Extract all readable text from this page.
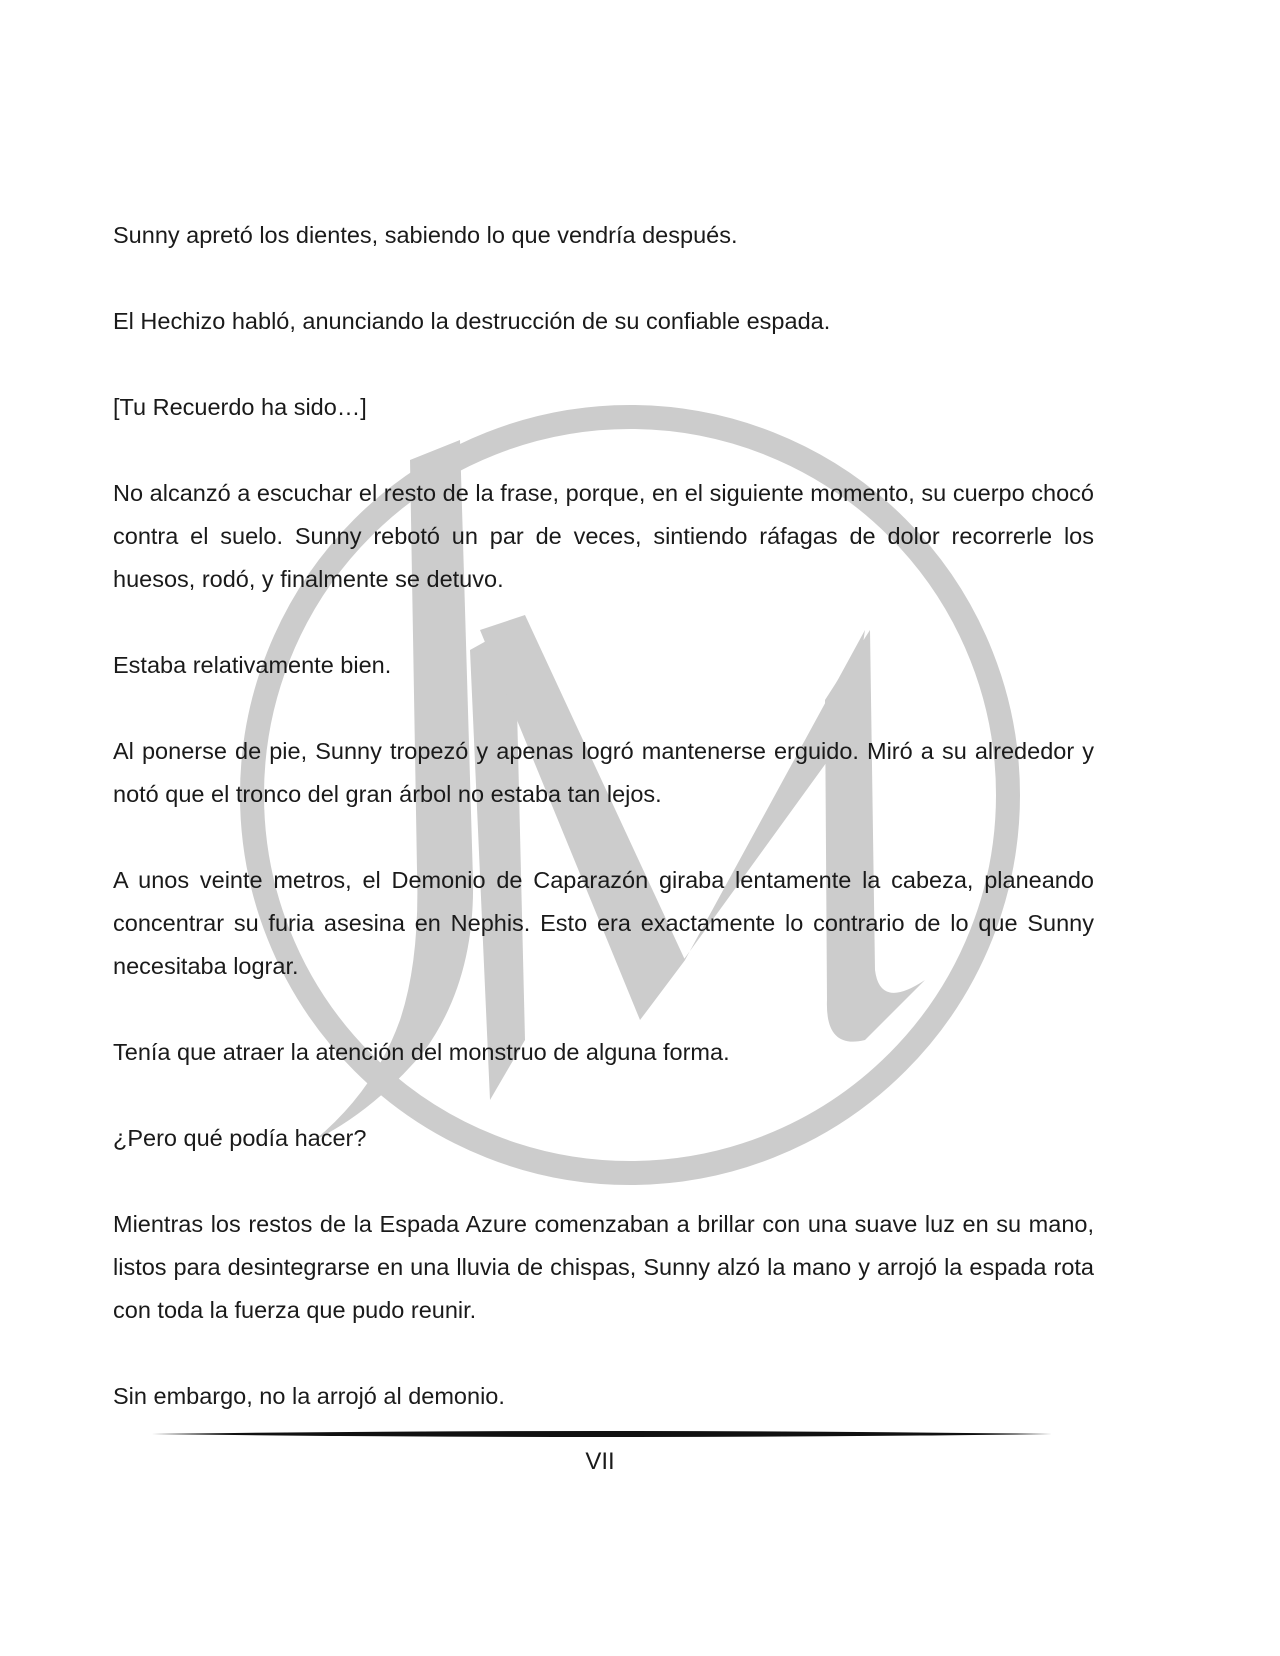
Sunny apretó los dientes, sabiendo lo que vendría después.

El Hechizo habló, anunciando la destrucción de su confiable espada.

[Tu Recuerdo ha sido…]

No alcanzó a escuchar el resto de la frase, porque, en el siguiente momento, su cuerpo chocó contra el suelo. Sunny rebotó un par de veces, sintiendo ráfagas de dolor recorrerle los huesos, rodó, y finalmente se detuvo.

Estaba relativamente bien.

Al ponerse de pie, Sunny tropezó y apenas logró mantenerse erguido. Miró a su alrededor y notó que el tronco del gran árbol no estaba tan lejos.

A unos veinte metros, el Demonio de Caparazón giraba lentamente la cabeza, planeando concentrar su furia asesina en Nephis. Esto era exactamente lo contrario de lo que Sunny necesitaba lograr.

Tenía que atraer la atención del monstruo de alguna forma.

¿Pero qué podía hacer?

Mientras los restos de la Espada Azure comenzaban a brillar con una suave luz en su mano, listos para desintegrarse en una lluvia de chispas, Sunny alzó la mano y arrojó la espada rota con toda la fuerza que pudo reunir.

Sin embargo, no la arrojó al demonio.

VII
